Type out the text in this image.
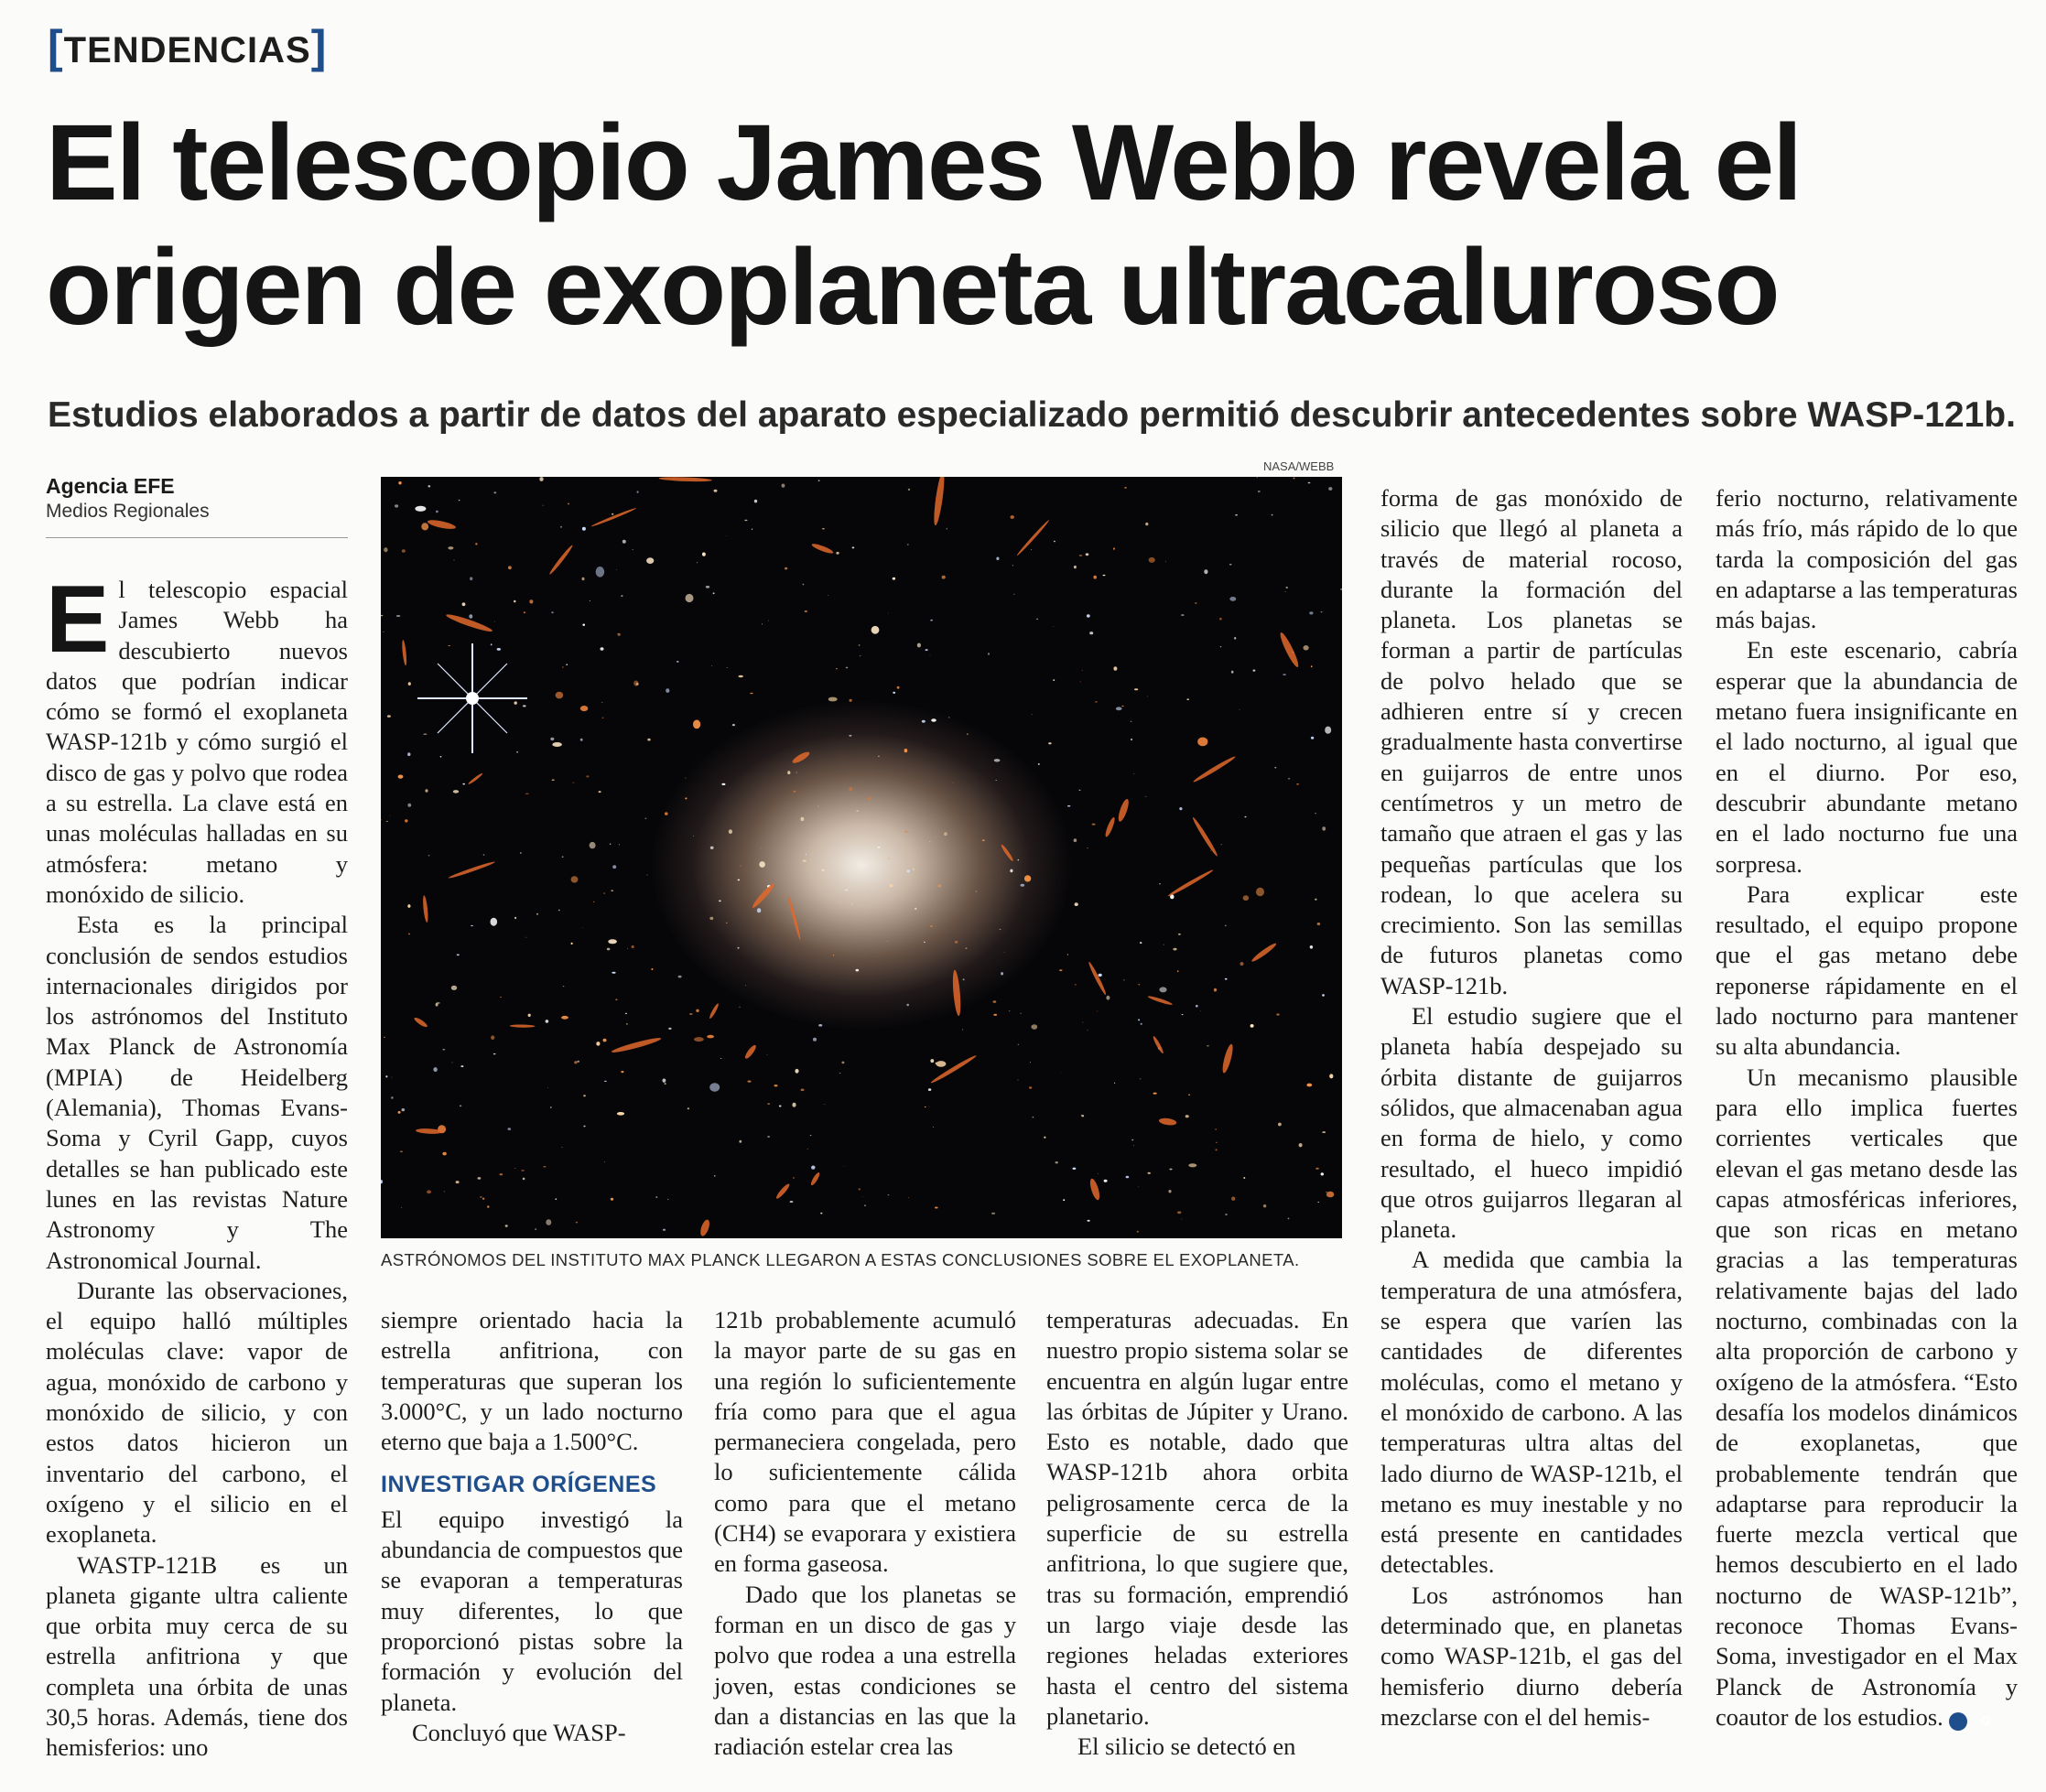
[TENDENCIAS]
El telescopio James Webb revela el origen de exoplaneta ultracaluroso

Estudios elaborados a partir de datos del aparato especializado permitió descubrir antecedentes sobre WASP-121b.

Agencia EFE
Medios Regionales
NASA/WEBB
ASTRÓNOMOS DEL INSTITUTO MAX PLANCK LLEGARON A ESTAS CONCLUSIONES SOBRE EL EXOPLANETA.

El telescopio espacial James Webb ha descubierto nuevos datos que podrían indicar cómo se formó el exoplaneta WASP-121b y cómo surgió el disco de gas y polvo que rodea a su estrella. La clave está en unas moléculas halladas en su atmósfera: metano y monóxido de silicio.

Esta es la principal conclusión de sendos estudios internacionales dirigidos por los astrónomos del Instituto Max Planck de Astronomía (MPIA) de Heidelberg (Alemania), Thomas Evans-Soma y Cyril Gapp, cuyos detalles se han publicado este lunes en las revistas Nature Astronomy y The Astronomical Journal.

Durante las observaciones, el equipo halló múltiples moléculas clave: vapor de agua, monóxido de carbono y monóxido de silicio, y con estos datos hicieron un inventario del carbono, el oxígeno y el silicio en el exoplaneta.

WASTP-121B es un planeta gigante ultra caliente que orbita muy cerca de su estrella anfitriona y que completa una órbita de unas 30,5 horas. Además, tiene dos hemisferios: uno

siempre orientado hacia la estrella anfitriona, con temperaturas que superan los 3.000°C, y un lado nocturno eterno que baja a 1.500°C.

INVESTIGAR ORÍGENES

El equipo investigó la abundancia de compuestos que se evaporan a temperaturas muy diferentes, lo que proporcionó pistas sobre la formación y evolución del planeta.

Concluyó que WASP-

121b probablemente acumuló la mayor parte de su gas en una región lo suficientemente fría como para que el agua permaneciera congelada, pero lo suficientemente cálida como para que el metano (CH4) se evaporara y existiera en forma gaseosa.

Dado que los planetas se forman en un disco de gas y polvo que rodea a una estrella joven, estas condiciones se dan a distancias en las que la radiación estelar crea las

temperaturas adecuadas. En nuestro propio sistema solar se encuentra en algún lugar entre las órbitas de Júpiter y Urano. Esto es notable, dado que WASP-121b ahora orbita peligrosamente cerca de la superficie de su estrella anfitriona, lo que sugiere que, tras su formación, emprendió un largo viaje desde las regiones heladas exteriores hasta el centro del sistema planetario.

El silicio se detectó en

forma de gas monóxido de silicio que llegó al planeta a través de material rocoso, durante la formación del planeta. Los planetas se forman a partir de partículas de polvo helado que se adhieren entre sí y crecen gradualmente hasta convertirse en guijarros de entre unos centímetros y un metro de tamaño que atraen el gas y las pequeñas partículas que los rodean, lo que acelera su crecimiento. Son las semillas de futuros planetas como WASP-121b.

El estudio sugiere que el planeta había despejado su órbita distante de guijarros sólidos, que almacenaban agua en forma de hielo, y como resultado, el hueco impidió que otros guijarros llegaran al planeta.

A medida que cambia la temperatura de una atmósfera, se espera que varíen las cantidades de diferentes moléculas, como el metano y el monóxido de carbono. A las temperaturas ultra altas del lado diurno de WASP-121b, el metano es muy inestable y no está presente en cantidades detectables.

Los astrónomos han determinado que, en planetas como WASP-121b, el gas del hemisferio diurno debería mezclarse con el del hemis-

ferio nocturno, relativamente más frío, más rápido de lo que tarda la composición del gas en adaptarse a las temperaturas más bajas.

En este escenario, cabría esperar que la abundancia de metano fuera insignificante en el lado nocturno, al igual que en el diurno. Por eso, descubrir abundante metano en el lado nocturno fue una sorpresa.

Para explicar este resultado, el equipo propone que el gas metano debe reponerse rápidamente en el lado nocturno para mantener su alta abundancia.

Un mecanismo plausible para ello implica fuertes corrientes verticales que elevan el gas metano desde las capas atmosféricas inferiores, que son ricas en metano gracias a las temperaturas relativamente bajas del lado nocturno, combinadas con la alta proporción de carbono y oxígeno de la atmósfera. “Esto desafía los modelos dinámicos de exoplanetas, que probablemente tendrán que adaptarse para reproducir la fuerte mezcla vertical que hemos descubierto en el lado nocturno de WASP-121b”, reconoce Thomas Evans-Soma, investigador en el Max Planck de Astronomía y coautor de los estudios.	✪
